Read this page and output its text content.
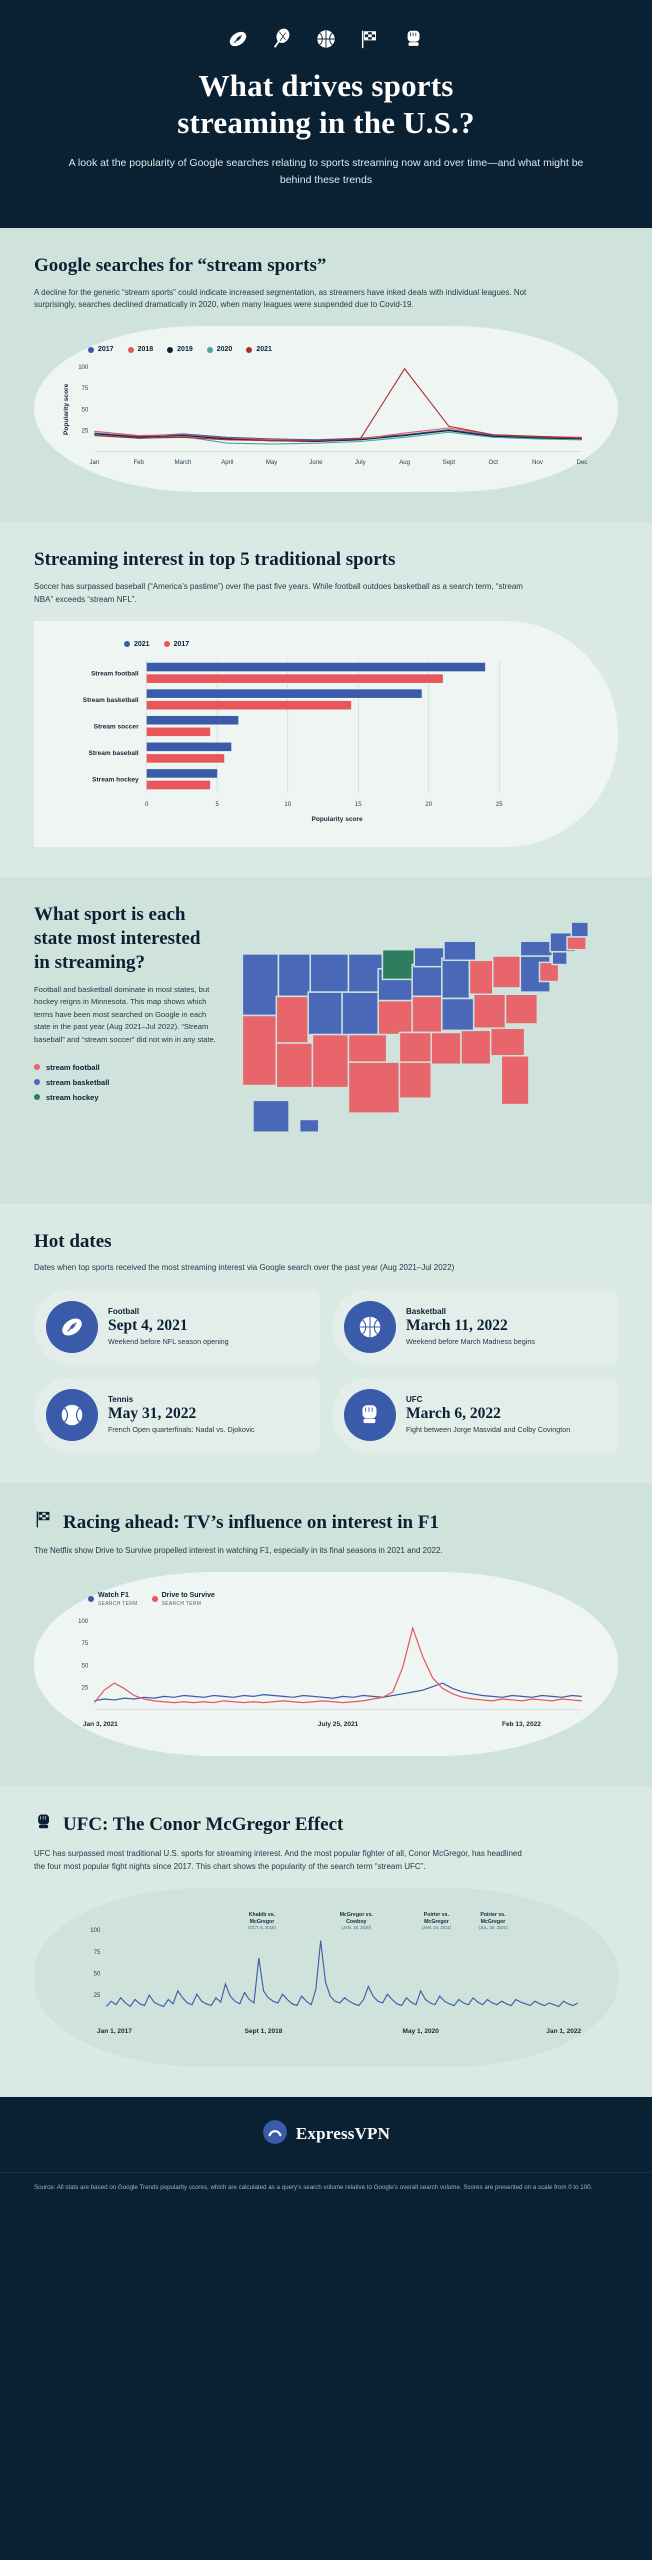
What drives sports
streaming in the U.S.?

A look at the popularity of Google searches relating to sports streaming now and over time—and what might be behind these trends

Google searches for “stream sports”

A decline for the generic “stream sports” could indicate increased segmentation, as streamers have inked deals with individual leagues. Not surprisingly, searches declined dramatically in 2020, when many leagues were suspended due to Covid-19.

2017	2018	2019	2020	2021
25
50
75
100
Jan	Feb	March	April	May	June	July	Aug	Sept	Oct	Nov	Dec
Popularity score
Streaming interest in top 5 traditional sports

Soccer has surpassed baseball (“America’s pastime”) over the past five years. While football outdoes basketball as a search term, “stream NBA” exceeds “stream NFL”.

2021	2017
0	5	10	15	20	25
Stream football
Stream basketball
Stream soccer
Stream baseball
Stream hockey
Popularity score
What sport is each state most interested
in streaming?

Football and basketball dominate in most states, but hockey reigns in Minnesota. This map shows which terms have been most searched on Google in each state in the past year (Aug 2021–Jul 2022). “Stream baseball” and “stream soccer” did not win in any state.

stream football
stream basketball
stream hockey
Hot dates

Dates when top sports received the most streaming interest via Google search over the past year (Aug 2021–Jul 2022)

Football
Sept 4, 2021
Weekend before NFL season opening
Basketball
March 11, 2022
Weekend before March Madness begins
Tennis
May 31, 2022
French Open quarterfinals: Nadal vs. Djokovic
UFC
March 6, 2022
Fight between Jorge Masvidal and Colby Covington
Racing ahead: TV’s influence on interest in F1

The Netflix show Drive to Survive propelled interest in watching F1, especially in its final seasons in 2021 and 2022.

Watch F1
SEARCH TERM
Drive to Survive
SEARCH TERM
25
50
75
100
Jan 3, 2021	July 25, 2021	Feb 13, 2022
UFC: The Conor McGregor Effect

UFC has surpassed most traditional U.S. sports for streaming interest. And the most popular fighter of all, Conor McGregor, has headlined the four most popular fight nights since 2017. This chart shows the popularity of the search term “stream UFC”.

25
50
75
100
Jan 1, 2017	Sept 1, 2018	May 1, 2020	Jan 1, 2022
Khabib vs.
McGregor
(OCT. 6, 2018)
McGregor vs.
Cowboy
(JAN. 18, 2020)
Poirier vs.
McGregor
(JAN. 24, 2021)
Poirier vs.
McGregor
(JUL. 10, 2021)
ExpressVPN
Source: All stats are based on Google Trends popularity scores, which are calculated as a query’s search volume relative to Google’s overall search volume. Scores are presented on a scale from 0 to 100.
